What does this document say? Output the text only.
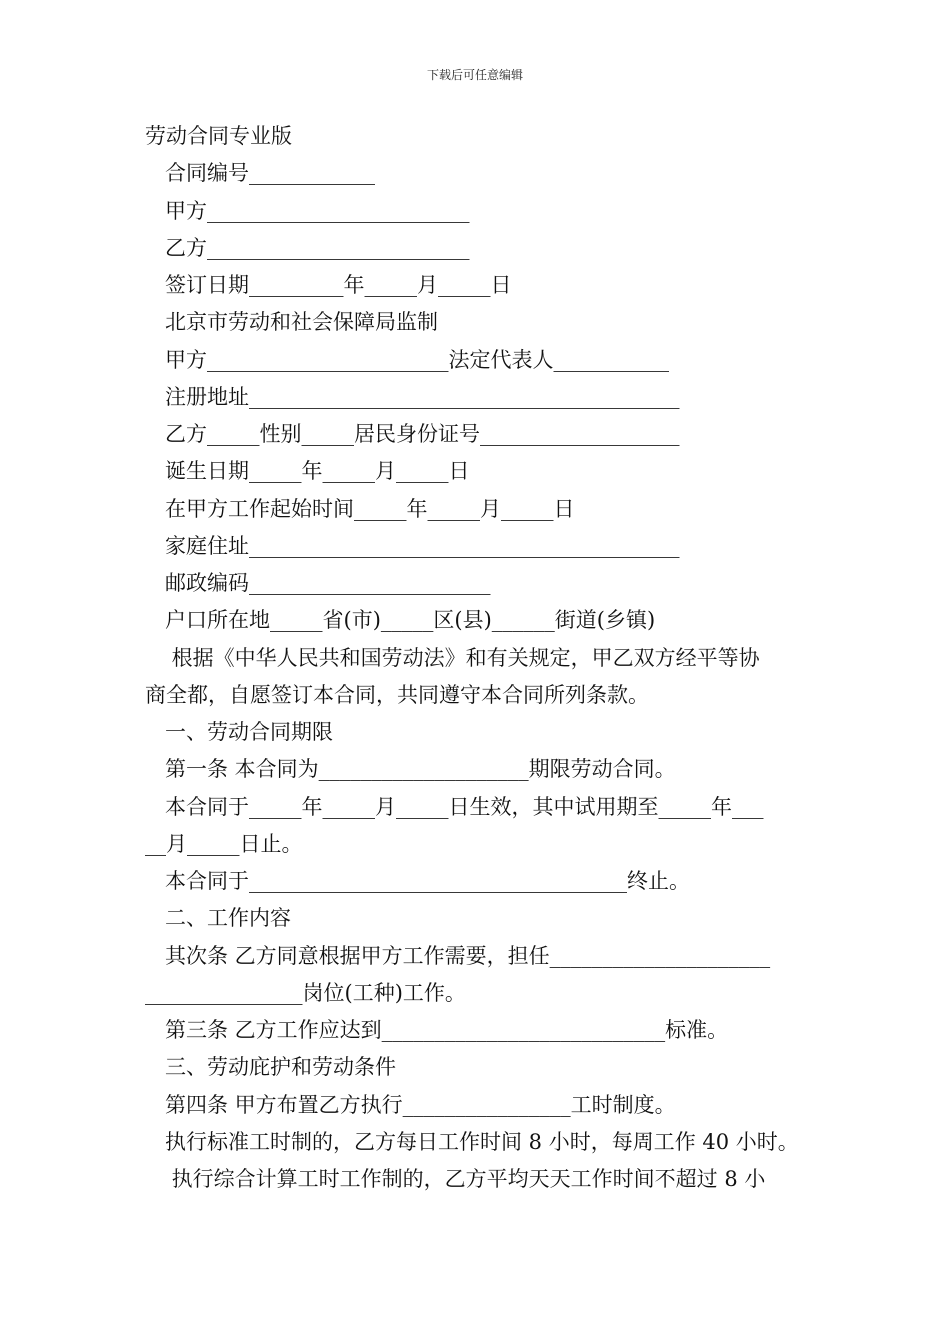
下载后可任意编辑
劳动合同专业版
合同编号____________
甲方_________________________
乙方_________________________
签订日期_________年_____月_____日
北京市劳动和社会保障局监制
甲方_______________________法定代表人___________
注册地址_________________________________________
乙方_____性别_____居民身份证号___________________
诞生日期_____年_____月_____日
在甲方工作起始时间_____年_____月_____日
家庭住址_________________________________________
邮政编码_______________________
户口所在地_____省(市)_____区(县)______街道(乡镇)
根据《中华人民共和国劳动法》和有关规定，甲乙双方经平等协
商全都，自愿签订本合同，共同遵守本合同所列条款。
一、劳动合同期限
第一条 本合同为____________________期限劳动合同。
本合同于_____年_____月_____日生效，其中试用期至_____年___
__月_____日止。
本合同于____________________________________终止。
二、工作内容
其次条 乙方同意根据甲方工作需要，担任_____________________
_______________岗位(工种)工作。
第三条 乙方工作应达到___________________________标准。
三、劳动庇护和劳动条件
第四条 甲方布置乙方执行________________工时制度。
执行标准工时制的，乙方每日工作时间 8 小时，每周工作 40 小时。
执行综合计算工时工作制的，乙方平均天天工作时间不超过 8 小
